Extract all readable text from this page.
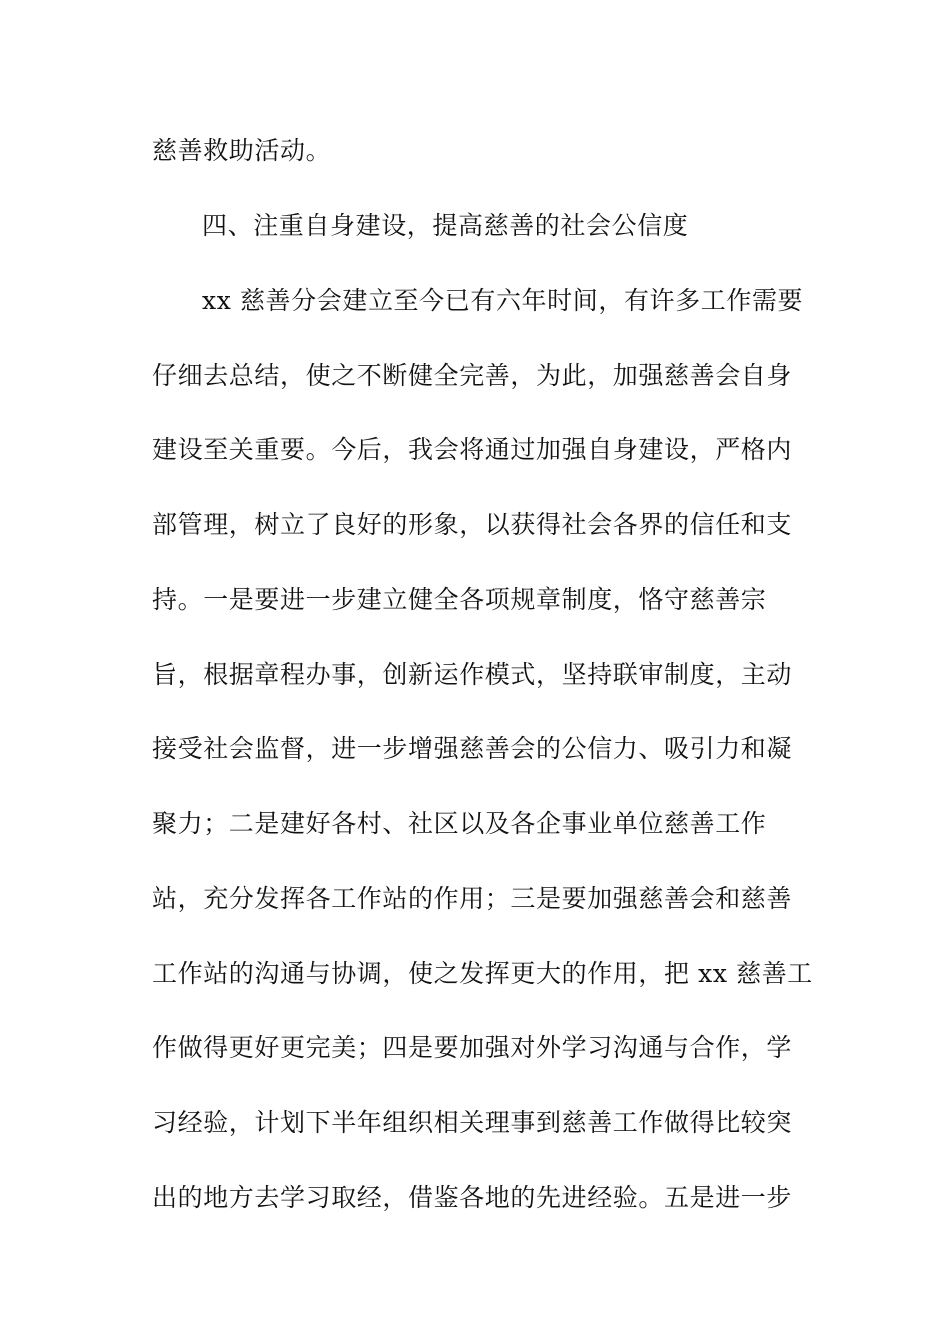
慈善救助活动。
四、注重自身建设，提高慈善的社会公信度
xx 慈善分会建立至今已有六年时间，有许多工作需要
仔细去总结，使之不断健全完善，为此，加强慈善会自身
建设至关重要。今后，我会将通过加强自身建设，严格内
部管理，树立了良好的形象，以获得社会各界的信任和支
持。一是要进一步建立健全各项规章制度，恪守慈善宗
旨，根据章程办事，创新运作模式，坚持联审制度，主动
接受社会监督，进一步增强慈善会的公信力、吸引力和凝
聚力；二是建好各村、社区以及各企事业单位慈善工作
站，充分发挥各工作站的作用；三是要加强慈善会和慈善
工作站的沟通与协调，使之发挥更大的作用，把 xx 慈善工
作做得更好更完美；四是要加强对外学习沟通与合作，学
习经验，计划下半年组织相关理事到慈善工作做得比较突
出的地方去学习取经，借鉴各地的先进经验。五是进一步
